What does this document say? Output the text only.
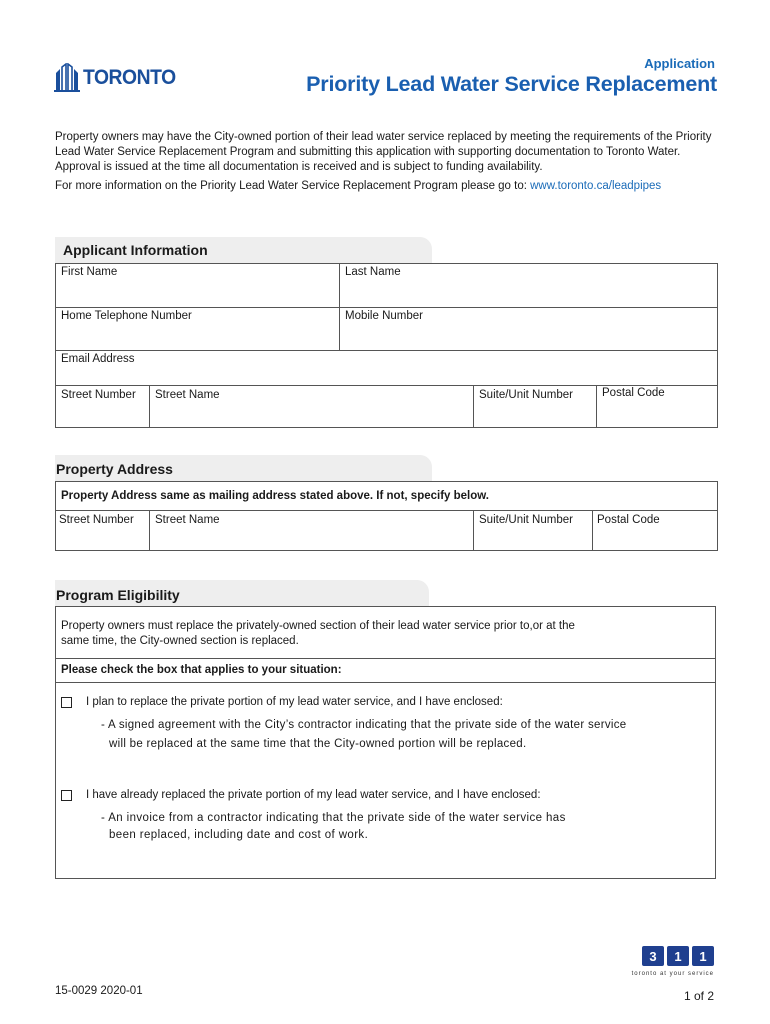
TORONTO
Application
Priority Lead Water Service Replacement
Property owners may have the City-owned portion of their lead water service replaced by meeting the requirements of the Priority Lead Water Service Replacement Program and submitting this application with supporting documentation to Toronto Water. Approval is issued at the time all documentation is received and is subject to funding availability.
For more information on the Priority Lead Water Service Replacement Program please go to: www.toronto.ca/leadpipes
Applicant Information
First Name	Last Name
Home Telephone Number	Mobile Number
Email Address
Street Number Street Name	Suite/Unit Number	Postal Code
Property Address
Property Address same as mailing address stated above. If not, specify below.
Street Number Street Name	Suite/Unit Number Postal Code
Program Eligibility
Property owners must replace the privately-owned section of their lead water service prior to,or at the
same time, the City-owned section is replaced.
Please check the box that applies to your situation:
I plan to replace the private portion of my lead water service, and I have enclosed:
- A signed agreement with the City’s contractor indicating that the private side of the water service
will be replaced at the same time that the City-owned portion will be replaced.
I have already replaced the private portion of my lead water service, and I have enclosed:
- An invoice from a contractor indicating that the private side of the water service has
been replaced, including date and cost of work.
3	1	1
toronto at your service
15-0029 2020-01	1 of 2
